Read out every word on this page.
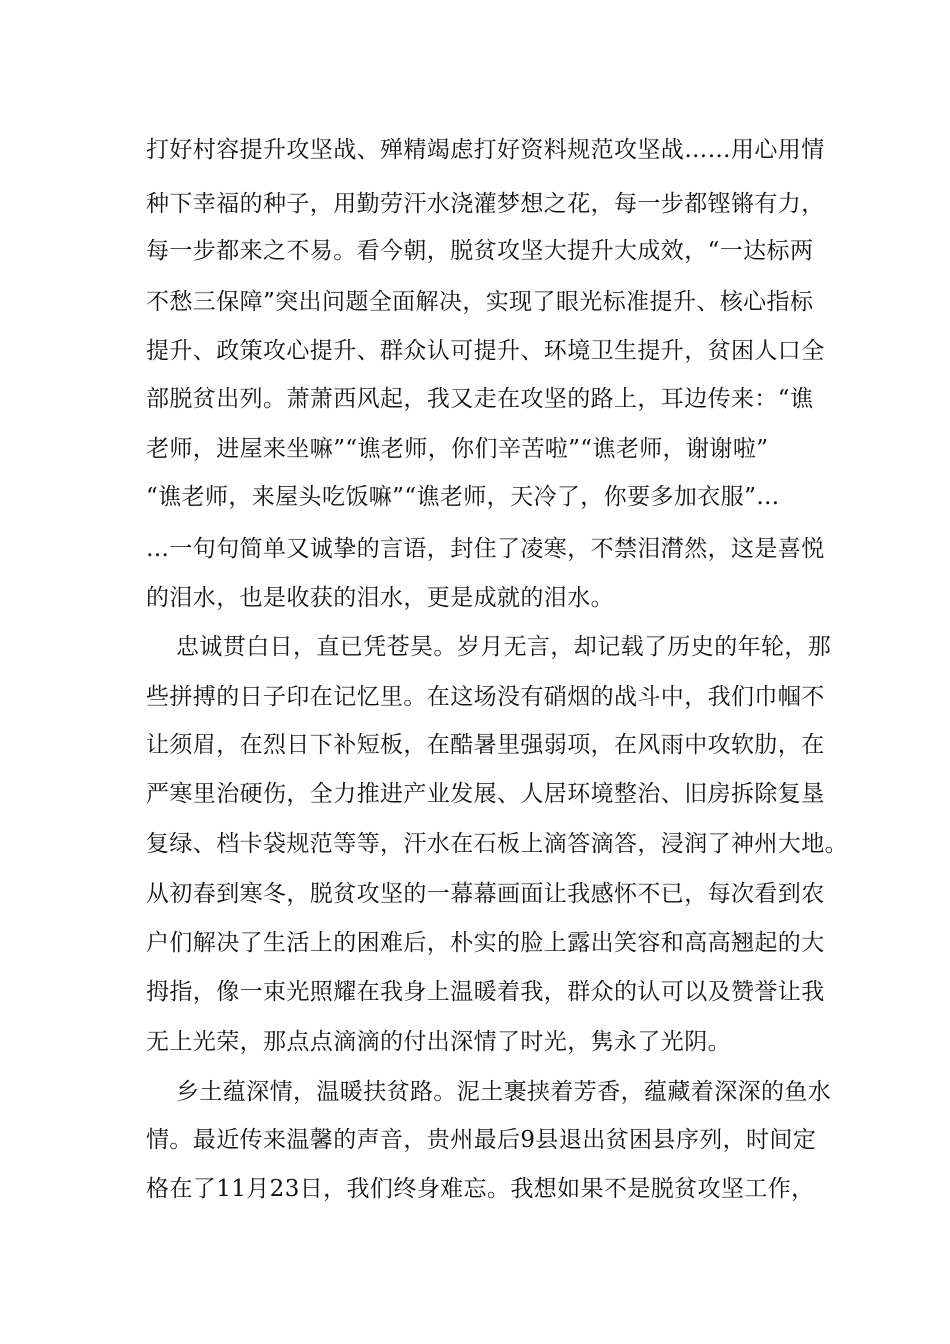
打好村容提升攻坚战、殚精竭虑打好资料规范攻坚战……用心用情
种下幸福的种子，用勤劳汗水浇灌梦想之花，每一步都铿锵有力，
每一步都来之不易。看今朝，脱贫攻坚大提升大成效，“一达标两
不愁三保障”突出问题全面解决，实现了眼光标准提升、核心指标
提升、政策攻心提升、群众认可提升、环境卫生提升，贫困人口全
部脱贫出列。萧萧西风起，我又走在攻坚的路上，耳边传来：“谯
老师，进屋来坐嘛”“谯老师，你们辛苦啦”“谯老师，谢谢啦”
“谯老师，来屋头吃饭嘛”“谯老师，天冷了，你要多加衣服”…
…一句句简单又诚挚的言语，封住了凌寒，不禁泪潸然，这是喜悦
的泪水，也是收获的泪水，更是成就的泪水。
忠诚贯白日，直已凭苍昊。岁月无言，却记载了历史的年轮，那
些拼搏的日子印在记忆里。在这场没有硝烟的战斗中，我们巾帼不
让须眉，在烈日下补短板，在酷暑里强弱项，在风雨中攻软肋，在
严寒里治硬伤，全力推进产业发展、人居环境整治、旧房拆除复垦
复绿、档卡袋规范等等，汗水在石板上滴答滴答，浸润了神州大地。
从初春到寒冬，脱贫攻坚的一幕幕画面让我感怀不已，每次看到农
户们解决了生活上的困难后，朴实的脸上露出笑容和高高翘起的大
拇指，像一束光照耀在我身上温暖着我，群众的认可以及赞誉让我
无上光荣，那点点滴滴的付出深情了时光，隽永了光阴。
乡土蕴深情，温暖扶贫路。泥土裹挟着芳香，蕴藏着深深的鱼水
情。最近传来温馨的声音，贵州最后9县退出贫困县序列，时间定
格在了11月23日，我们终身难忘。我想如果不是脱贫攻坚工作，
